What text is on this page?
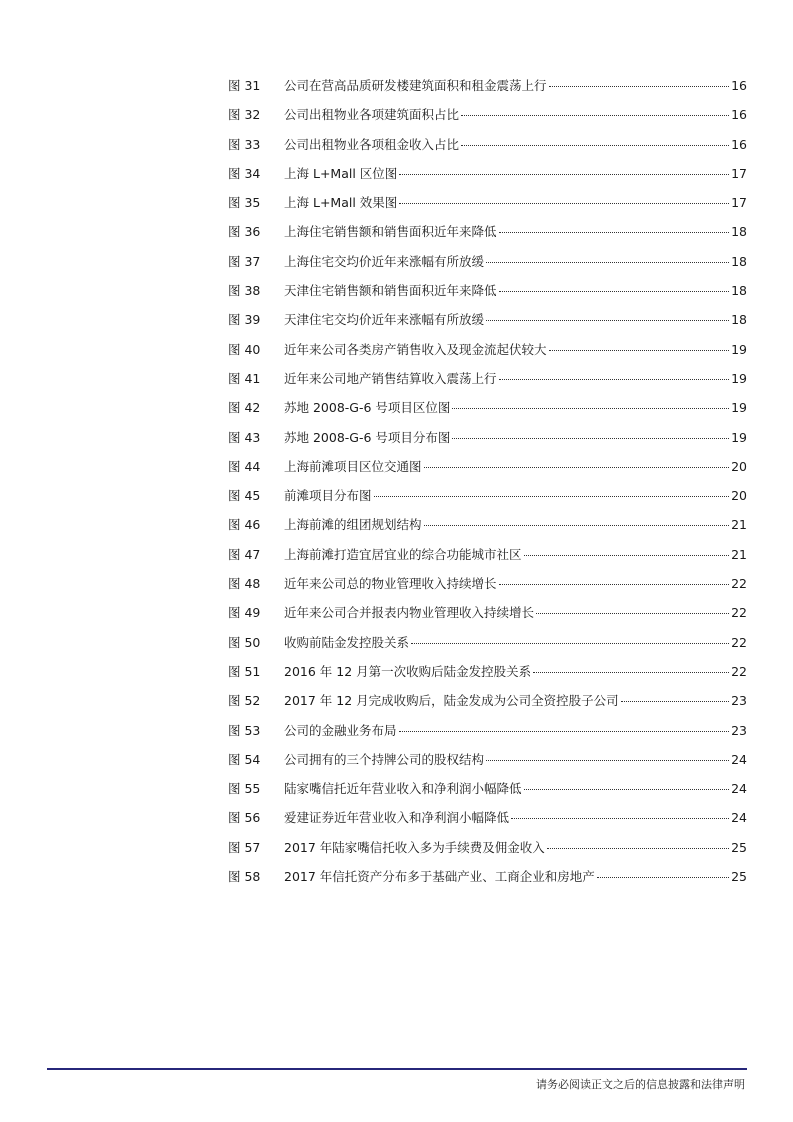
图 31	公司在营高品质研发楼建筑面积和租金震荡上行	16
图 32	公司出租物业各项建筑面积占比	16
图 33	公司出租物业各项租金收入占比	16
图 34	上海 L+Mall 区位图	17
图 35	上海 L+Mall 效果图	17
图 36	上海住宅销售额和销售面积近年来降低	18
图 37	上海住宅交均价近年来涨幅有所放缓	18
图 38	天津住宅销售额和销售面积近年来降低	18
图 39	天津住宅交均价近年来涨幅有所放缓	18
图 40	近年来公司各类房产销售收入及现金流起伏较大	19
图 41	近年来公司地产销售结算收入震荡上行	19
图 42	苏地 2008-G-6 号项目区位图	19
图 43	苏地 2008-G-6 号项目分布图	19
图 44	上海前滩项目区位交通图	20
图 45	前滩项目分布图	20
图 46	上海前滩的组团规划结构	21
图 47	上海前滩打造宜居宜业的综合功能城市社区	21
图 48	近年来公司总的物业管理收入持续增长	22
图 49	近年来公司合并报表内物业管理收入持续增长	22
图 50	收购前陆金发控股关系	22
图 51	2016 年 12 月第一次收购后陆金发控股关系	22
图 52	2017 年 12 月完成收购后，陆金发成为公司全资控股子公司	23
图 53	公司的金融业务布局	23
图 54	公司拥有的三个持牌公司的股权结构	24
图 55	陆家嘴信托近年营业收入和净利润小幅降低	24
图 56	爱建证券近年营业收入和净利润小幅降低	24
图 57	2017 年陆家嘴信托收入多为手续费及佣金收入	25
图 58	2017 年信托资产分布多于基础产业、工商企业和房地产	25
请务必阅读正文之后的信息披露和法律声明
